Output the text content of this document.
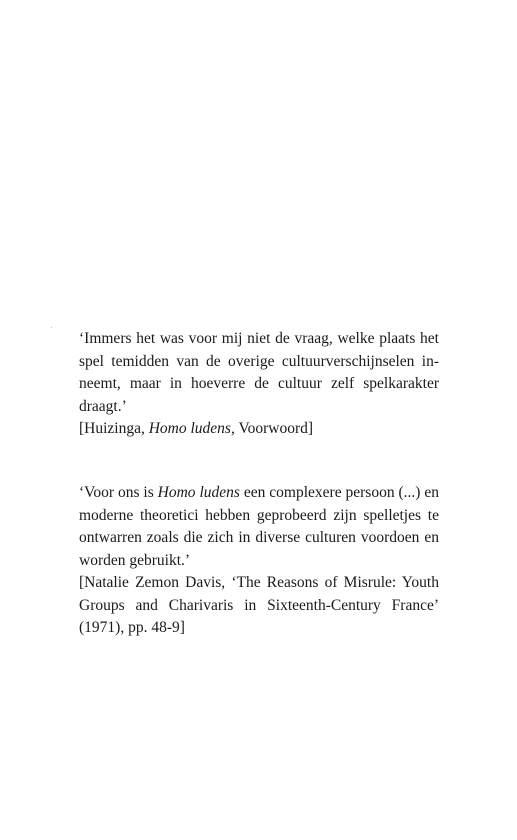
‘Immers het was voor mij niet de vraag, welke plaats het spel temidden van de overige cultuurverschijnselen inneemt, maar in hoeverre de cultuur zelf spelkarakter draagt.’

[Huizinga, Homo ludens, Voorwoord]

‘Voor ons is Homo ludens een complexere persoon (...) en moderne theoretici hebben geprobeerd zijn spelletjes te ontwarren zoals die zich in diverse culturen voordoen en worden gebruikt.’

[Natalie Zemon Davis, ‘The Reasons of Misrule: Youth Groups and Charivaris in Sixteenth-Century France’ (1971), pp. 48-9]
